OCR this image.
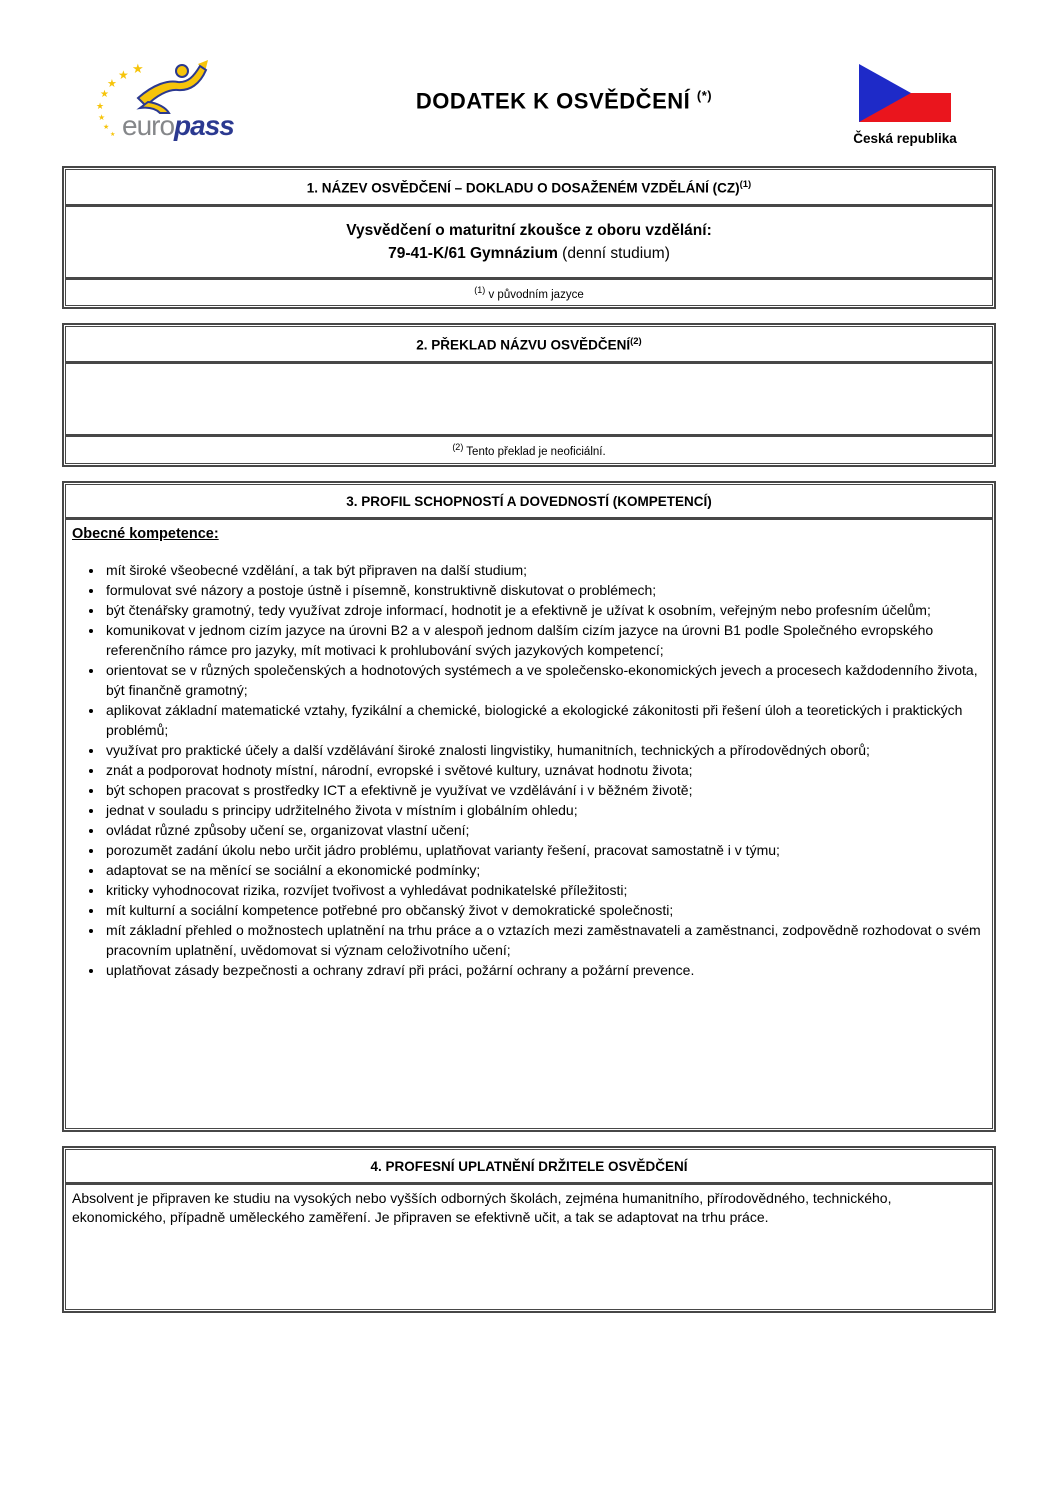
★
★
★
★
★
★
★
★ europass
DODATEK K OSVĚDČENÍ (*)
Česká republika
1. NÁZEV OSVĚDČENÍ – DOKLADU O DOSAŽENÉM VZDĚLÁNÍ (CZ)$^{(1)}$
Vysvědčení o maturitní zkoušce z oboru vzdělání:
79-41-K/61 Gymnázium (denní studium)
$^{(1)}$ v původním jazyce
2. PŘEKLAD NÁZVU OSVĚDČENÍ$^{(2)}$
$^{(2)}$ Tento překlad je neoficiální.
3. PROFIL SCHOPNOSTÍ A DOVEDNOSTÍ (KOMPETENCÍ)
Obecné kompetence:
• mít široké všeobecné vzdělání, a tak být připraven na další studium;
• formulovat své názory a postoje ústně i písemně, konstruktivně diskutovat o problémech;
• být čtenářsky gramotný, tedy využívat zdroje informací, hodnotit je a efektivně je užívat k osobním, veřejným nebo profesním účelům;
• komunikovat v jednom cizím jazyce na úrovni B2 a v alespoň jednom dalším cizím jazyce na úrovni B1 podle Společného evropského referenčního rámce pro jazyky, mít motivaci k prohlubování svých jazykových kompetencí;
• orientovat se v různých společenských a hodnotových systémech a ve společensko-ekonomických jevech a procesech každodenního života, být finančně gramotný;
• aplikovat základní matematické vztahy, fyzikální a chemické, biologické a ekologické zákonitosti při řešení úloh a teoretických i praktických problémů;
• využívat pro praktické účely a další vzdělávání široké znalosti lingvistiky, humanitních, technických a přírodovědných oborů;
• znát a podporovat hodnoty místní, národní, evropské i světové kultury, uznávat hodnotu života;
• být schopen pracovat s prostředky ICT a efektivně je využívat ve vzdělávání i v běžném životě;
• jednat v souladu s principy udržitelného života v místním i globálním ohledu;
• ovládat různé způsoby učení se, organizovat vlastní učení;
• porozumět zadání úkolu nebo určit jádro problému, uplatňovat varianty řešení, pracovat samostatně i v týmu;
• adaptovat se na měnící se sociální a ekonomické podmínky;
• kriticky vyhodnocovat rizika, rozvíjet tvořivost a vyhledávat podnikatelské příležitosti;
• mít kulturní a sociální kompetence potřebné pro občanský život v demokratické společnosti;
• mít základní přehled o možnostech uplatnění na trhu práce a o vztazích mezi zaměstnavateli a zaměstnanci, zodpovědně rozhodovat o svém pracovním uplatnění, uvědomovat si význam celoživotního učení;
• uplatňovat zásady bezpečnosti a ochrany zdraví při práci, požární ochrany a požární prevence.
4. PROFESNÍ UPLATNĚNÍ DRŽITELE OSVĚDČENÍ
Absolvent je připraven ke studiu na vysokých nebo vyšších odborných školách, zejména humanitního, přírodovědného, technického, ekonomického, případně uměleckého zaměření. Je připraven se efektivně učit, a tak se adaptovat na trhu práce.
